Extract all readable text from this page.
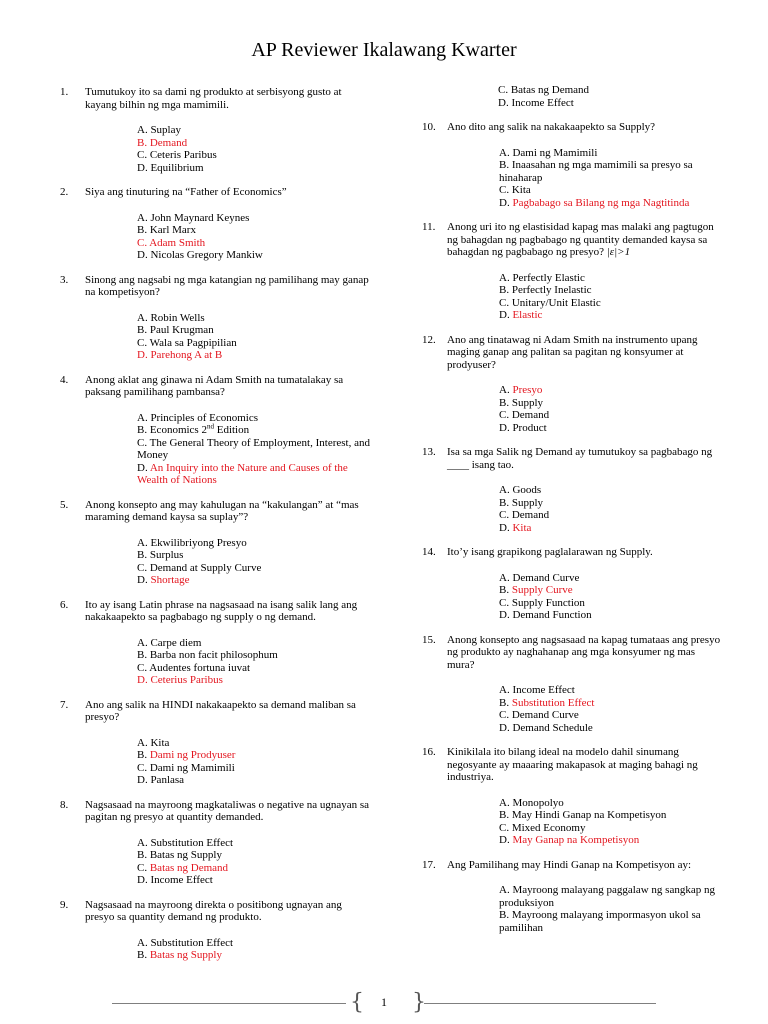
AP Reviewer Ikalawang Kwarter
1. Tumutukoy ito sa dami ng produkto at serbisyong gusto at kayang bilhin ng mga mamimili.
A. Suplay
B. Demand
C. Ceteris Paribus
D. Equilibrium
2. Siya ang tinuturing na “Father of Economics”
A. John Maynard Keynes
B. Karl Marx
C. Adam Smith
D. Nicolas Gregory Mankiw
3. Sinong ang nagsabi ng mga katangian ng pamilihang may ganap na kompetisyon?
A. Robin Wells
B. Paul Krugman
C. Wala sa Pagpipilian
D. Parehong A at B
4. Anong aklat ang ginawa ni Adam Smith na tumatalakay sa paksang pamilihang pambansa?
A. Principles of Economics
B. Economics 2nd Edition
C. The General Theory of Employment, Interest, and Money
D. An Inquiry into the Nature and Causes of the Wealth of Nations
5. Anong konsepto ang may kahulugan na “kakulangan” at “mas maraming demand kaysa sa suplay”?
A. Ekwilibriyong Presyo
B. Surplus
C. Demand at Supply Curve
D. Shortage
6. Ito ay isang Latin phrase na nagsasaad na isang salik lang ang nakakaapekto sa pagbabago ng supply o ng demand.
A. Carpe diem
B. Barba non facit philosophum
C. Audentes fortuna iuvat
D. Ceterius Paribus
7. Ano ang salik na HINDI nakakaapekto sa demand maliban sa presyo?
A. Kita
B. Dami ng Prodyuser
C. Dami ng Mamimili
D. Panlasa
8. Nagsasaad na mayroong magkataliwas o negative na ugnayan sa pagitan ng presyo at quantity demanded.
A. Substitution Effect
B. Batas ng Supply
C. Batas ng Demand
D. Income Effect
9. Nagsasaad na mayroong direkta o positibong ugnayan ang presyo sa quantity demand ng produkto.
A. Substitution Effect
B. Batas ng Supply
C. Batas ng Demand
D. Income Effect
10. Ano dito ang salik na nakakaapekto sa Supply?
A. Dami ng Mamimili
B. Inaasahan ng mga mamimili sa presyo sa hinaharap
C. Kita
D. Pagbabago sa Bilang ng mga Nagtitinda
11. Anong uri ito ng elastisidad kapag mas malaki ang pagtugon ng bahagdan ng pagbabago ng quantity demanded kaysa sa bahagdan ng pagbabago ng presyo? |ε|>1
A. Perfectly Elastic
B. Perfectly Inelastic
C. Unitary/Unit Elastic
D. Elastic
12. Ano ang tinatawag ni Adam Smith na instrumento upang maging ganap ang palitan sa pagitan ng konsyumer at prodyuser?
A. Presyo
B. Supply
C. Demand
D. Product
13. Isa sa mga Salik ng Demand ay tumutukoy sa pagbabago ng ____ isang tao.
A. Goods
B. Supply
C. Demand
D. Kita
14. Ito’y isang grapikong paglalarawan ng Supply.
A. Demand Curve
B. Supply Curve
C. Supply Function
D. Demand Function
15. Anong konsepto ang nagsasaad na kapag tumataas ang presyo ng produkto ay naghahanap ang mga konsyumer ng mas mura?
A. Income Effect
B. Substitution Effect
C. Demand Curve
D. Demand Schedule
16. Kinikilala ito bilang ideal na modelo dahil sinumang negosyante ay maaaring makapasok at maging bahagi ng industriya.
A. Monopolyo
B. May Hindi Ganap na Kompetisyon
C. Mixed Economy
D. May Ganap na Kompetisyon
17. Ang Pamilihang may Hindi Ganap na Kompetisyon ay:
A. Mayroong malayang paggalaw ng sangkap ng produksiyon
B. Mayroong malayang impormasyon ukol sa pamilihan
{	1	}
